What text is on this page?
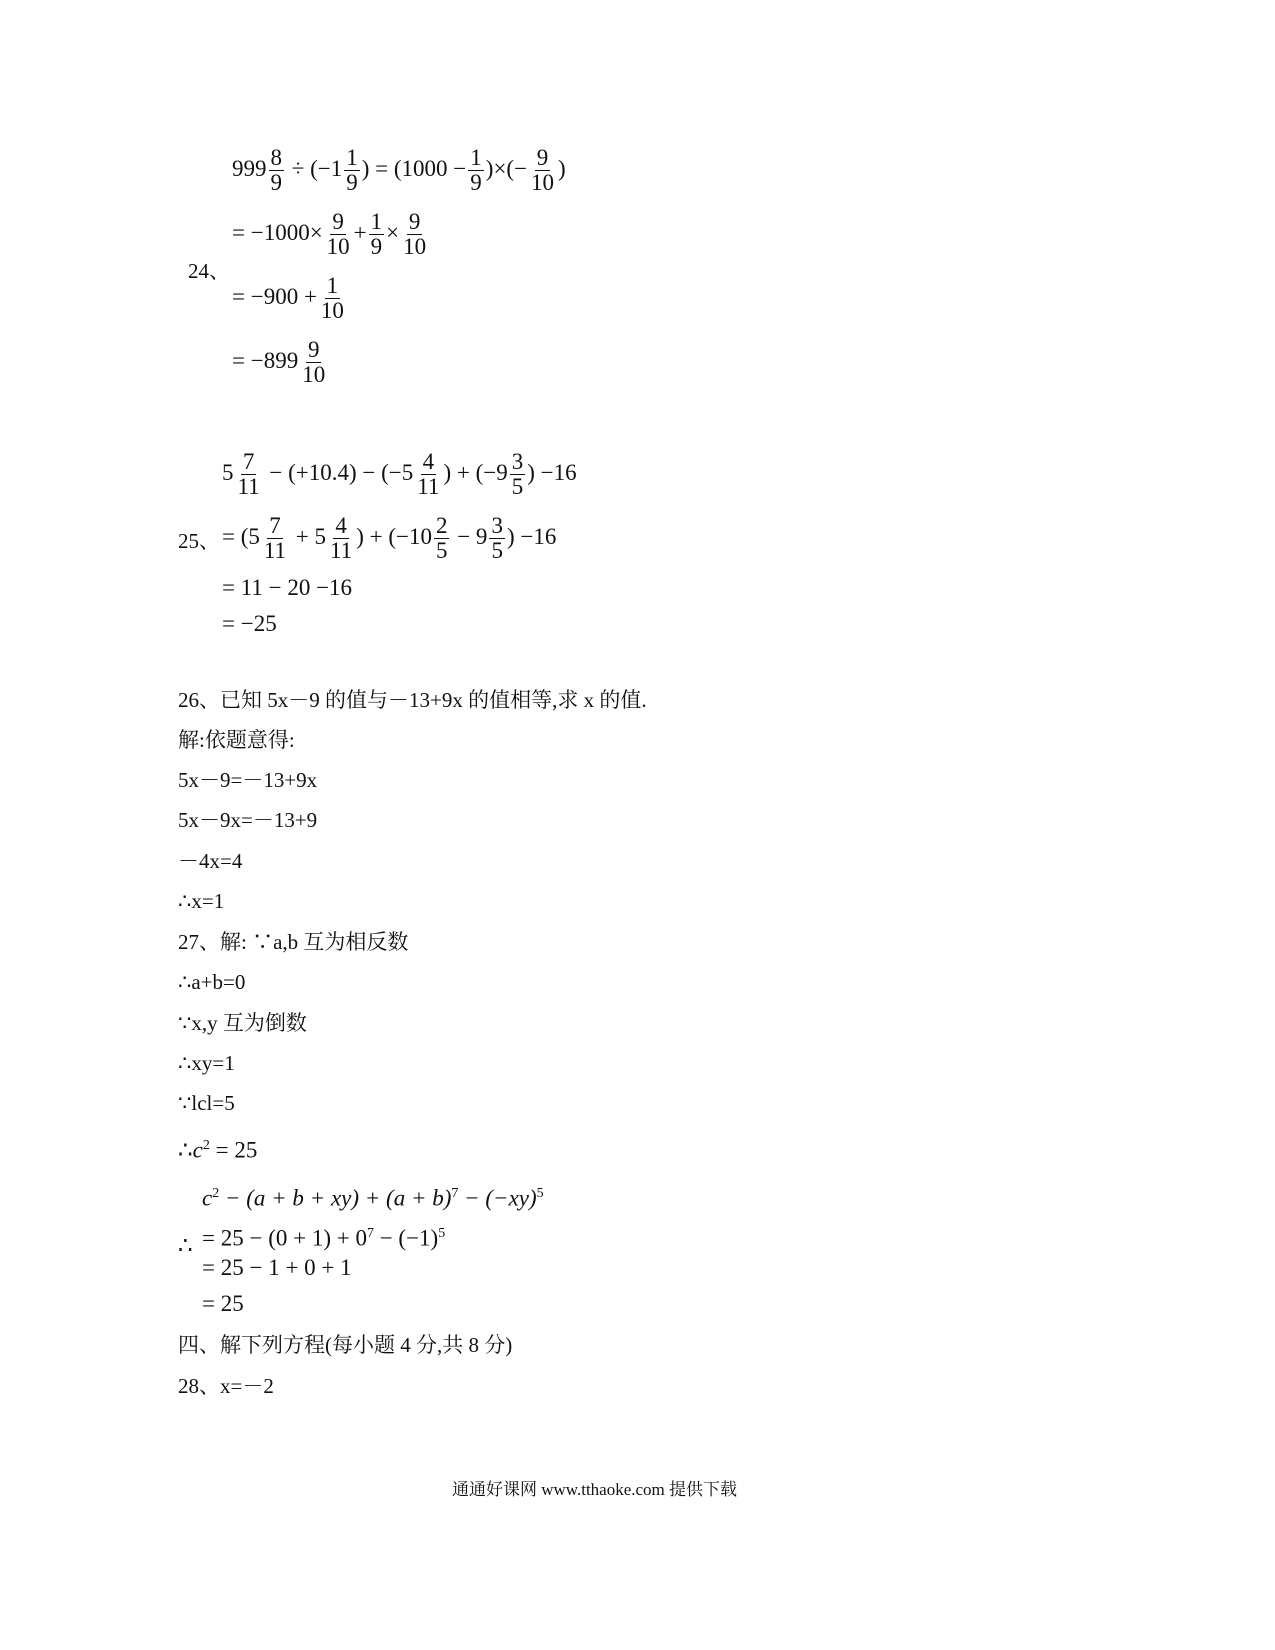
$999 \frac{8}{9} \div (-1 \frac{1}{9}$ ) = ($1000 - \frac{1}{9}$ )×(− $\frac{9}{10}$ )
= $-1000\times \frac{9}{10} + \frac{1}{9} \times \frac{9}{10}$
24、
= $-900 + \frac{1}{10}$
= $-899 \frac{9}{10}$
$5 \frac{7}{11} - (+10.4) - (-5 \frac{4}{11}$ ) + ($-9 \frac{3}{5}$ ) −16
25、 = ($5 \frac{7}{11} + 5 \frac{4}{11}$ ) + ($-10 \frac{2}{5} - 9 \frac{3}{5}$ ) −16
= 11 − 20 −16
= −25
26、已知 5x－9 的值与－13+9x 的值相等,求 x 的值.
解:依题意得:
5x－9=－13+9x
5x－9x=－13+9
－4x=4
∴x=1
27、解: ∵a,b 互为相反数
∴a+b=0
∵x,y 互为倒数
∴xy=1
∵lcl=5
$\therefore c^2 = 25$
$c^2 - (a + b + xy) + (a + b)^7 - (-xy)^5$
∴ = $25 - (0 + 1) + 0^7 - (-1)^5$
= 25 − 1 + 0 + 1
= 25
四、解下列方程(每小题 4 分,共 8 分)
28、x=－2
通通好课网 www.tthaoke.com 提供下载
